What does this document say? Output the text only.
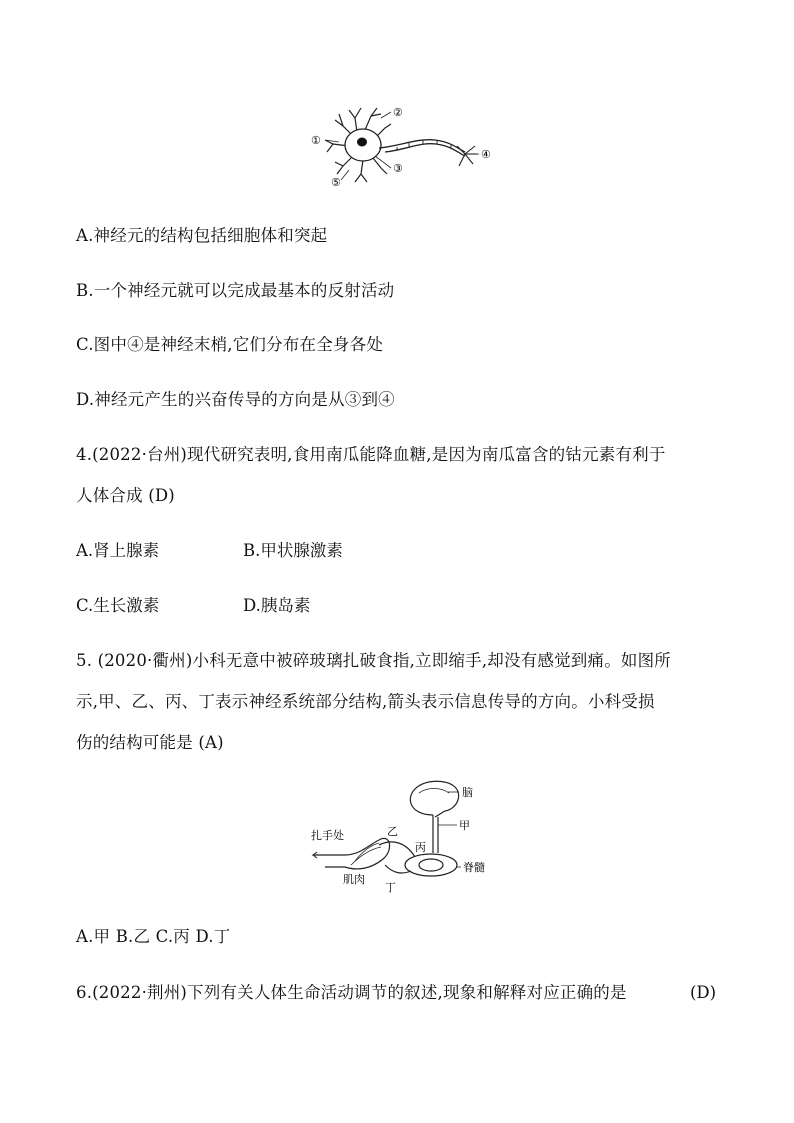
①
②
③
④
⑤
A.神经元的结构包括细胞体和突起
B.一个神经元就可以完成最基本的反射活动
C.图中④是神经末梢,它们分布在全身各处
D.神经元产生的兴奋传导的方向是从③到④
4.(2022·台州)现代研究表明,食用南瓜能降血糖,是因为南瓜富含的钴元素有利于
人体合成 (D)
A.肾上腺素	B.甲状腺激素
C.生长激素	D.胰岛素
5. (2020·衢州)小科无意中被碎玻璃扎破食指,立即缩手,却没有感觉到痛。如图所
示,甲、乙、丙、丁表示神经系统部分结构,箭头表示信息传导的方向。小科受损
伤的结构可能是 (A)
脑
甲
乙
丙
脊髓
丁
肌肉
扎手处
A.甲 B.乙 C.丙 D.丁
6.(2022·荆州)下列有关人体生命活动调节的叙述,现象和解释对应正确的是	(D)
